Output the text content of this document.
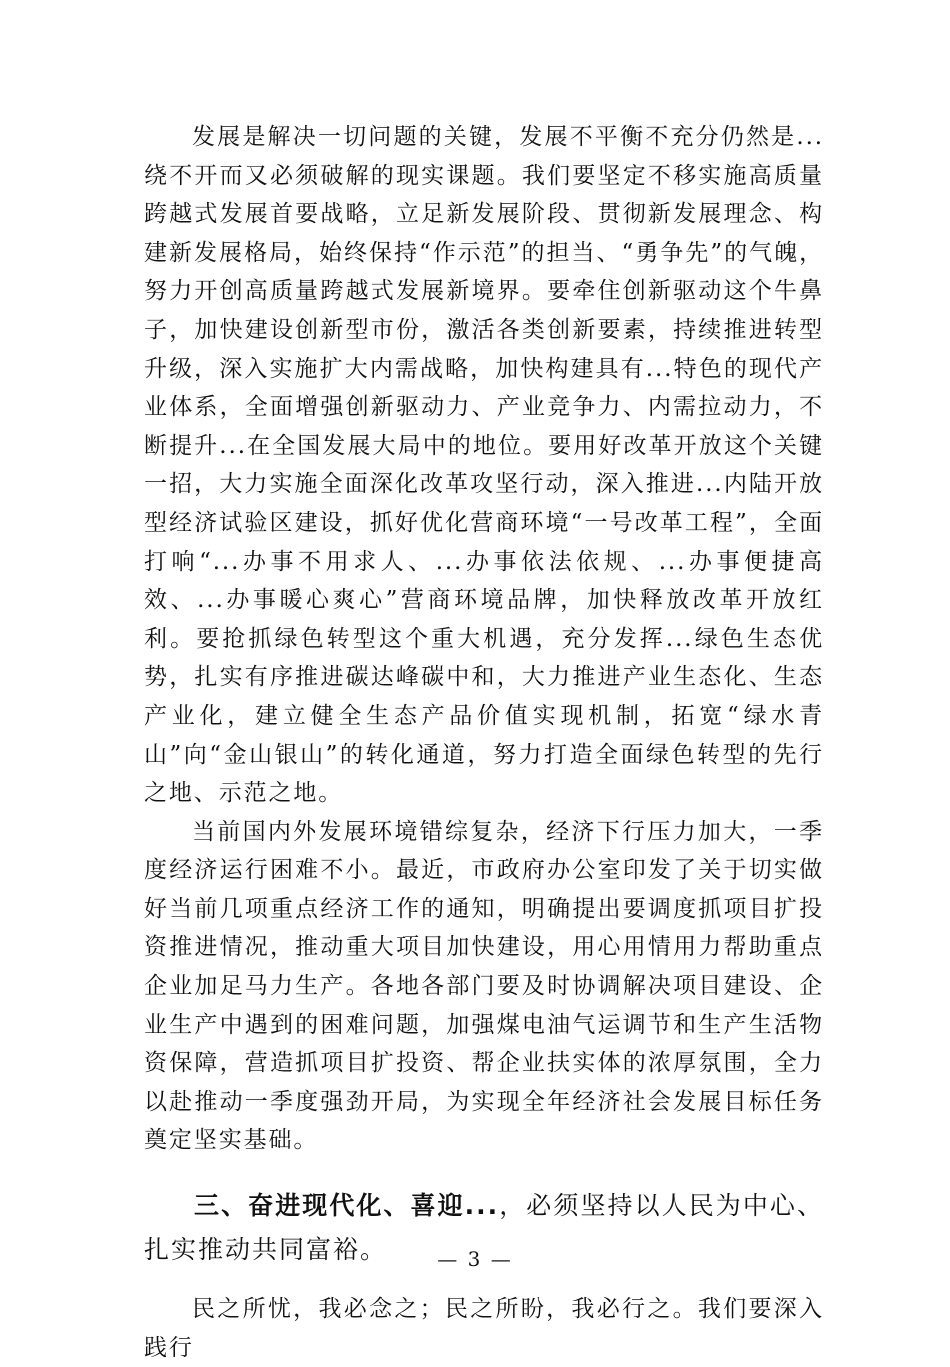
发展是解决一切问题的关键，发展不平衡不充分仍然是...绕不开而又必须破解的现实课题。我们要坚定不移实施高质量跨越式发展首要战略，立足新发展阶段、贯彻新发展理念、构建新发展格局，始终保持“作示范”的担当、“勇争先”的气魄，努力开创高质量跨越式发展新境界。要牵住创新驱动这个牛鼻子，加快建设创新型市份，激活各类创新要素，持续推进转型升级，深入实施扩大内需战略，加快构建具有...特色的现代产业体系，全面增强创新驱动力、产业竞争力、内需拉动力，不断提升...在全国发展大局中的地位。要用好改革开放这个关键一招，大力实施全面深化改革攻坚行动，深入推进...内陆开放型经济试验区建设，抓好优化营商环境“一号改革工程”，全面打响“...办事不用求人、...办事依法依规、...办事便捷高效、...办事暖心爽心”营商环境品牌，加快释放改革开放红利。要抢抓绿色转型这个重大机遇，充分发挥...绿色生态优势，扎实有序推进碳达峰碳中和，大力推进产业生态化、生态产业化，建立健全生态产品价值实现机制，拓宽“绿水青山”向“金山银山”的转化通道，努力打造全面绿色转型的先行之地、示范之地。

当前国内外发展环境错综复杂，经济下行压力加大，一季度经济运行困难不小。最近，市政府办公室印发了关于切实做好当前几项重点经济工作的通知，明确提出要调度抓项目扩投资推进情况，推动重大项目加快建设，用心用情用力帮助重点企业加足马力生产。各地各部门要及时协调解决项目建设、企业生产中遇到的困难问题，加强煤电油气运调节和生产生活物资保障，营造抓项目扩投资、帮企业扶实体的浓厚氛围，全力以赴推动一季度强劲开局，为实现全年经济社会发展目标任务奠定坚实基础。

三、奋进现代化、喜迎...，必须坚持以人民为中心、扎实推动共同富裕。

民之所忧，我必念之；民之所盼，我必行之。我们要深入践行

— 3 —
